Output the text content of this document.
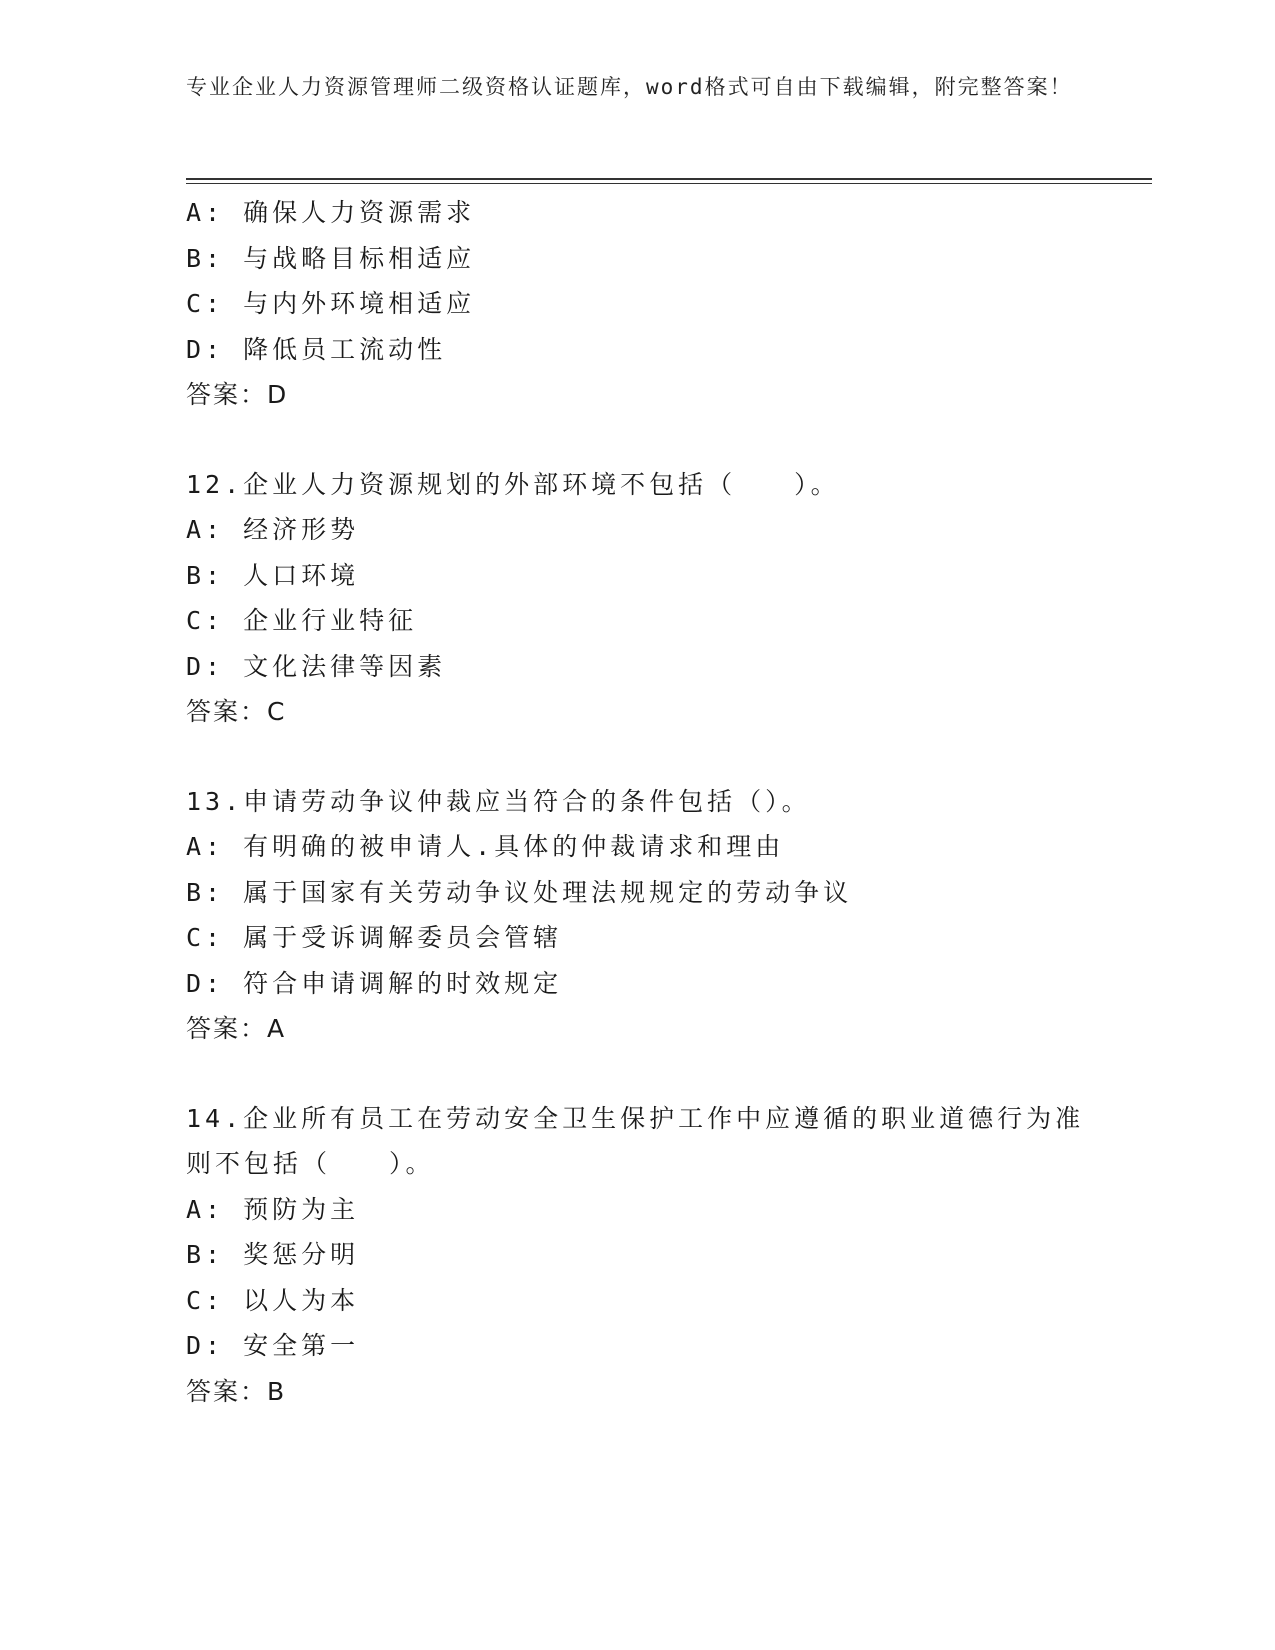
专业企业人力资源管理师二级资格认证题库，word格式可自由下载编辑，附完整答案！
A: 确保人力资源需求
B: 与战略目标相适应
C: 与内外环境相适应
D: 降低员工流动性
答案：D
12.企业人力资源规划的外部环境不包括（　　）。
A: 经济形势
B: 人口环境
C: 企业行业特征
D: 文化法律等因素
答案：C
13.申请劳动争议仲裁应当符合的条件包括（）。
A: 有明确的被申请人.具体的仲裁请求和理由
B: 属于国家有关劳动争议处理法规规定的劳动争议
C: 属于受诉调解委员会管辖
D: 符合申请调解的时效规定
答案：A
14.企业所有员工在劳动安全卫生保护工作中应遵循的职业道德行为准
则不包括（　　）。
A: 预防为主
B: 奖惩分明
C: 以人为本
D: 安全第一
答案：B
